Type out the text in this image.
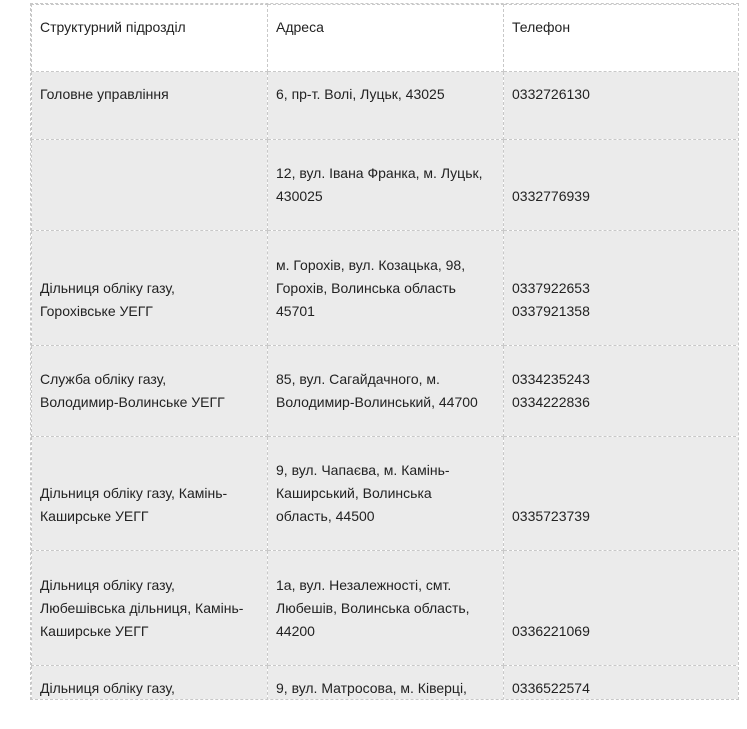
Структурний підрозділ	Адреса	Телефон

Головне управління	6, пр-т. Волі, Луцьк, 43025	0332726130

	12, вул. Івана Франка, м. Луцьк,
430025	0332776939

Дільниця обліку газу,
Горохівське УЕГГ	м. Горохів, вул. Козацька, 98,
Горохів, Волинська область
45701	0337922653
0337921358

Служба обліку газу,
Володимир-Волинське УЕГГ	85, вул. Сагайдачного, м.
Володимир-Волинський, 44700	0334235243
0334222836

Дільниця обліку газу, Камінь-
Каширське УЕГГ	9, вул. Чапаєва, м. Камінь-
Каширський, Волинська
область, 44500	0335723739

Дільниця обліку газу,
Любешівська дільниця, Камінь-
Каширське УЕГГ	1а, вул. Незалежності, смт.
Любешів, Волинська область,
44200	0336221069

Дільниця обліку газу,	9, вул. Матросова, м. Ківерці,	0336522574
